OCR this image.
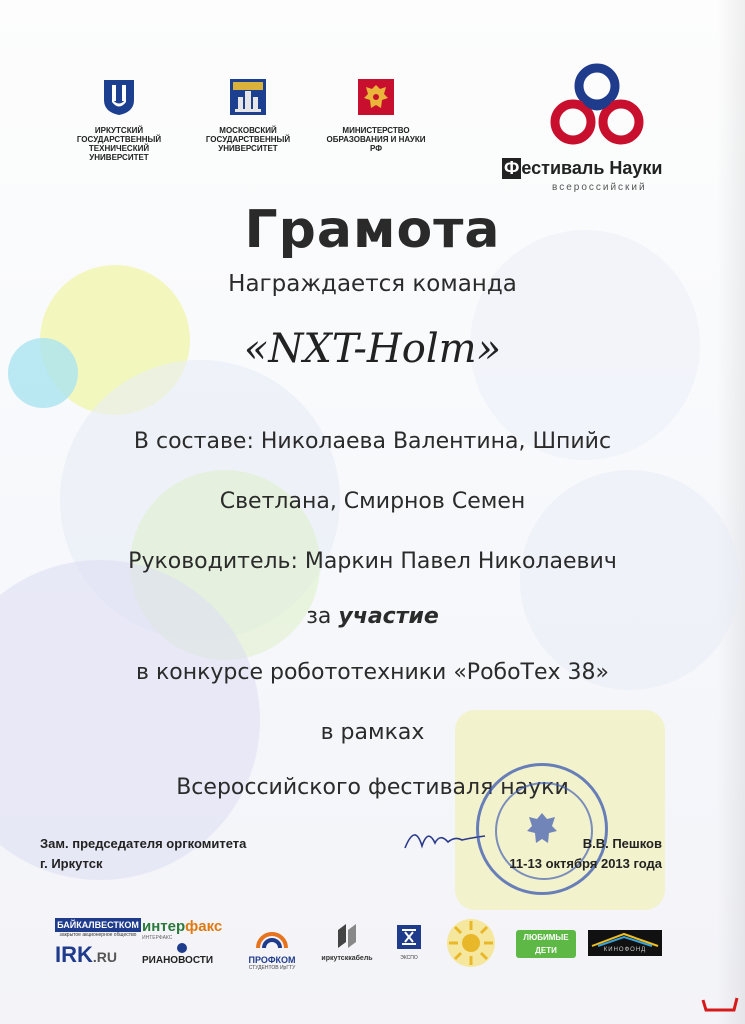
ИРКУТСКИЙ ГОСУДАРСТВЕННЫЙ ТЕХНИЧЕСКИЙ УНИВЕРСИТЕТ
МОСКОВСКИЙ ГОСУДАРСТВЕННЫЙ УНИВЕРСИТЕТ
МИНИСТЕРСТВО ОБРАЗОВАНИЯ И НАУКИ РФ
Ф естиваль Науки
всероссийский
Грамота
Награждается команда
«NXT-Holm»
В составе: Николаева Валентина, Шпийс
Светлана, Смирнов Семен
Руководитель: Маркин Павел Николаевич
за участие
в конкурсе робототехники «РобоТех 38»
в рамках
Всероссийского фестиваля науки
Зам. председателя оргкомитета
г. Иркутск
В.В. Пешков
11-13 октября 2013 года
БАЙКАЛВЕСТКОМ
закрытое акционерное общество
IRK.RU
интерфакс
ИНТЕРФАКС
РИАНОВОСТИ	ПРОФКОМ
СТУДЕНТОВ ИрГТУ
иркутсккабель	ЭКСПО
ЛЮБИМЫЕ ДЕТИ	КИНОФОНД
